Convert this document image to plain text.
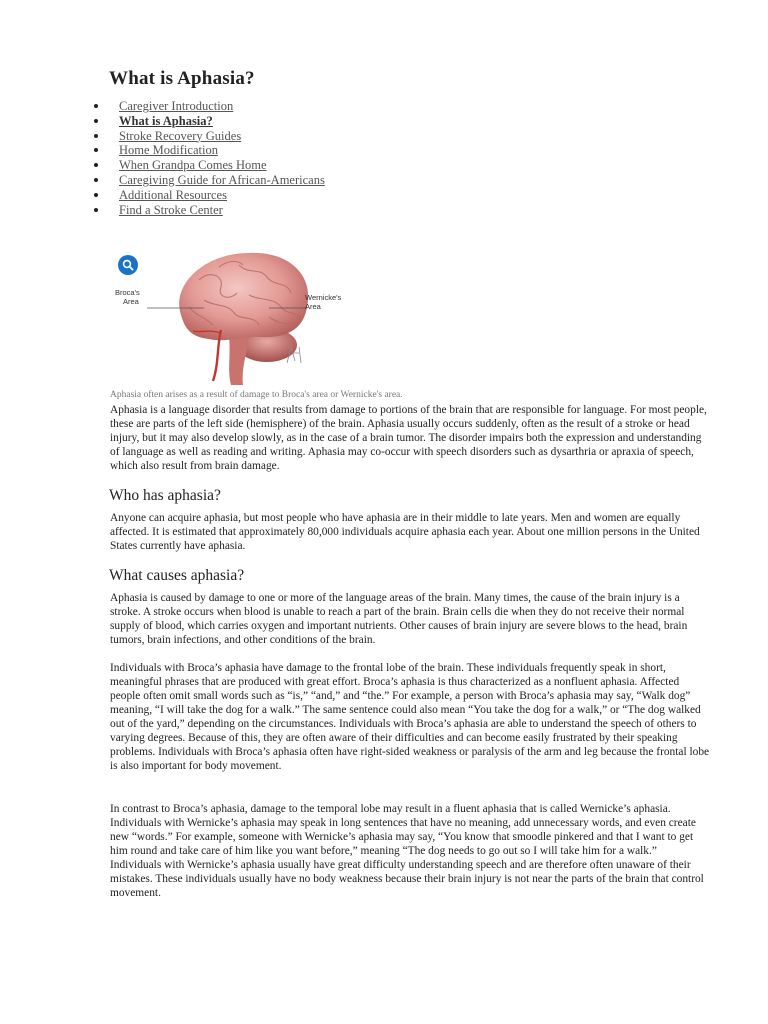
What is Aphasia?
Caregiver Introduction
What is Aphasia?
Stroke Recovery Guides
Home Modification
When Grandpa Comes Home
Caregiving Guide for African-Americans
Additional Resources
Find a Stroke Center
Broca's
Area	Wernicke's
Area
Aphasia often arises as a result of damage to Broca's area or Wernicke's area.

Aphasia is a language disorder that results from damage to portions of the brain that are responsible for language. For most people, these are parts of the left side (hemisphere) of the brain. Aphasia usually occurs suddenly, often as the result of a stroke or head injury, but it may also develop slowly, as in the case of a brain tumor. The disorder impairs both the expression and understanding of language as well as reading and writing. Aphasia may co-occur with speech disorders such as dysarthria or apraxia of speech, which also result from brain damage.

Who has aphasia?

Anyone can acquire aphasia, but most people who have aphasia are in their middle to late years. Men and women are equally affected. It is estimated that approximately 80,000 individuals acquire aphasia each year. About one million persons in the United States currently have aphasia.

What causes aphasia?

Aphasia is caused by damage to one or more of the language areas of the brain. Many times, the cause of the brain injury is a stroke. A stroke occurs when blood is unable to reach a part of the brain. Brain cells die when they do not receive their normal supply of blood, which carries oxygen and important nutrients. Other causes of brain injury are severe blows to the head, brain tumors, brain infections, and other conditions of the brain.

Individuals with Broca’s aphasia have damage to the frontal lobe of the brain. These individuals frequently speak in short, meaningful phrases that are produced with great effort. Broca’s aphasia is thus characterized as a nonfluent aphasia. Affected people often omit small words such as “is,” “and,” and “the.” For example, a person with Broca’s aphasia may say, “Walk dog” meaning, “I will take the dog for a walk.” The same sentence could also mean “You take the dog for a walk,” or “The dog walked out of the yard,” depending on the circumstances. Individuals with Broca’s aphasia are able to understand the speech of others to varying degrees. Because of this, they are often aware of their difficulties and can become easily frustrated by their speaking problems. Individuals with Broca’s aphasia often have right-sided weakness or paralysis of the arm and leg because the frontal lobe is also important for body movement.

In contrast to Broca’s aphasia, damage to the temporal lobe may result in a fluent aphasia that is called Wernicke’s aphasia. Individuals with Wernicke’s aphasia may speak in long sentences that have no meaning, add unnecessary words, and even create new “words.” For example, someone with Wernicke’s aphasia may say, “You know that smoodle pinkered and that I want to get him round and take care of him like you want before,” meaning “The dog needs to go out so I will take him for a walk.” Individuals with Wernicke’s aphasia usually have great difficulty understanding speech and are therefore often unaware of their mistakes. These individuals usually have no body weakness because their brain injury is not near the parts of the brain that control movement.
